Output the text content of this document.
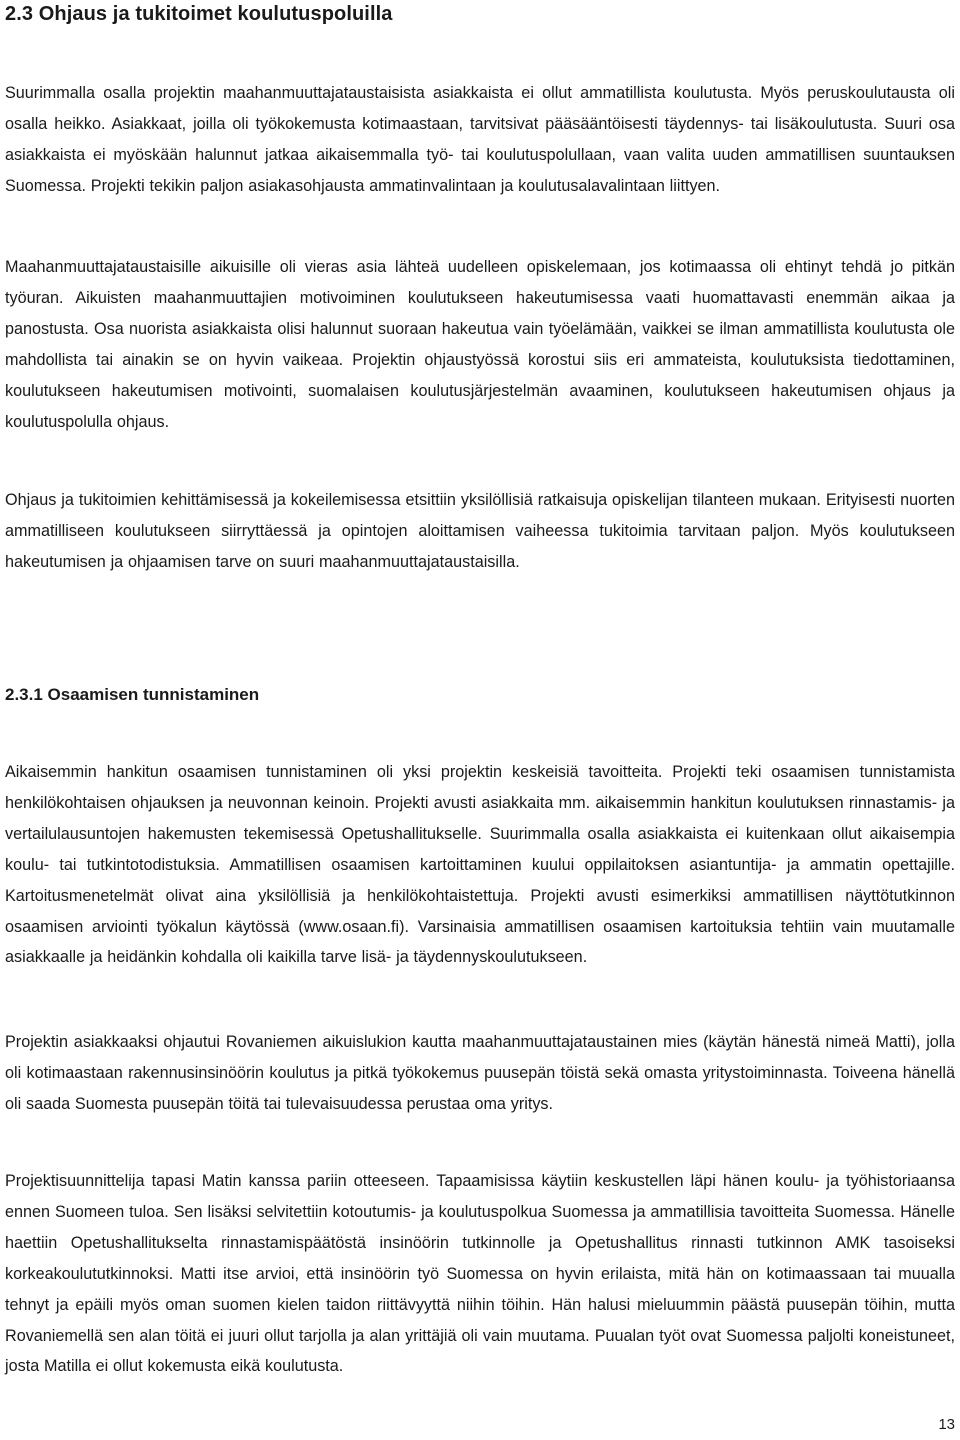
2.3 Ohjaus ja tukitoimet koulutuspoluilla

Suurimmalla osalla projektin maahanmuuttajataustaisista asiakkaista ei ollut ammatillista koulutusta. Myös peruskoulutausta oli osalla heikko. Asiakkaat, joilla oli työkokemusta kotimaastaan, tarvitsivat pääsääntöisesti täydennys- tai lisäkoulutusta. Suuri osa asiakkaista ei myöskään halunnut jatkaa aikaisemmalla työ- tai koulutuspolullaan, vaan valita uuden ammatillisen suuntauksen Suomessa. Projekti tekikin paljon asiakasohjausta ammatinvalintaan ja koulutusalavalintaan liittyen.

Maahanmuuttajataustaisille aikuisille oli vieras asia lähteä uudelleen opiskelemaan, jos kotimaassa oli ehtinyt tehdä jo pitkän työuran. Aikuisten maahanmuuttajien motivoiminen koulutukseen hakeutumisessa vaati huomattavasti enemmän aikaa ja panostusta. Osa nuorista asiakkaista olisi halunnut suoraan hakeutua vain työelämään, vaikkei se ilman ammatillista koulutusta ole mahdollista tai ainakin se on hyvin vaikeaa. Projektin ohjaustyössä korostui siis eri ammateista, koulutuksista tiedottaminen, koulutukseen hakeutumisen motivointi, suomalaisen koulutusjärjestelmän avaaminen, koulutukseen hakeutumisen ohjaus ja koulutuspolulla ohjaus.

Ohjaus ja tukitoimien kehittämisessä ja kokeilemisessa etsittiin yksilöllisiä ratkaisuja opiskelijan tilanteen mukaan. Erityisesti nuorten ammatilliseen koulutukseen siirryttäessä ja opintojen aloittamisen vaiheessa tukitoimia tarvitaan paljon. Myös koulutukseen hakeutumisen ja ohjaamisen tarve on suuri maahanmuuttajataustaisilla.

2.3.1 Osaamisen tunnistaminen

Aikaisemmin hankitun osaamisen tunnistaminen oli yksi projektin keskeisiä tavoitteita. Projekti teki osaamisen tunnistamista henkilökohtaisen ohjauksen ja neuvonnan keinoin. Projekti avusti asiakkaita mm. aikaisemmin hankitun koulutuksen rinnastamis- ja vertailulausuntojen hakemusten tekemisessä Opetushallitukselle. Suurimmalla osalla asiakkaista ei kuitenkaan ollut aikaisempia koulu- tai tutkintotodistuksia. Ammatillisen osaamisen kartoittaminen kuului oppilaitoksen asiantuntija- ja ammatin opettajille. Kartoitusmenetelmät olivat aina yksilöllisiä ja henkilökohtaistettuja. Projekti avusti esimerkiksi ammatillisen näyttötutkinnon osaamisen arviointi työkalun käytössä (www.osaan.fi). Varsinaisia ammatillisen osaamisen kartoituksia tehtiin vain muutamalle asiakkaalle ja heidänkin kohdalla oli kaikilla tarve lisä- ja täydennyskoulutukseen.

Projektin asiakkaaksi ohjautui Rovaniemen aikuislukion kautta maahanmuuttajataustainen mies (käytän hänestä nimeä Matti), jolla oli kotimaastaan rakennusinsinöörin koulutus ja pitkä työkokemus puusepän töistä sekä omasta yritystoiminnasta. Toiveena hänellä oli saada Suomesta puusepän töitä tai tulevaisuudessa perustaa oma yritys.

Projektisuunnittelija tapasi Matin kanssa pariin otteeseen. Tapaamisissa käytiin keskustellen läpi hänen koulu- ja työhistoriaansa ennen Suomeen tuloa. Sen lisäksi selvitettiin kotoutumis- ja koulutuspolkua Suomessa ja ammatillisia tavoitteita Suomessa. Hänelle haettiin Opetushallitukselta rinnastamispäätöstä insinöörin tutkinnolle ja Opetushallitus rinnasti tutkinnon AMK tasoiseksi korkeakoulututkinnoksi. Matti itse arvioi, että insinöörin työ Suomessa on hyvin erilaista, mitä hän on kotimaassaan tai muualla tehnyt ja epäili myös oman suomen kielen taidon riittävyyttä niihin töihin. Hän halusi mieluummin päästä puusepän töihin, mutta Rovaniemellä sen alan töitä ei juuri ollut tarjolla ja alan yrittäjiä oli vain muutama. Puualan työt ovat Suomessa paljolti koneistuneet, josta Matilla ei ollut kokemusta eikä koulutusta.

13
